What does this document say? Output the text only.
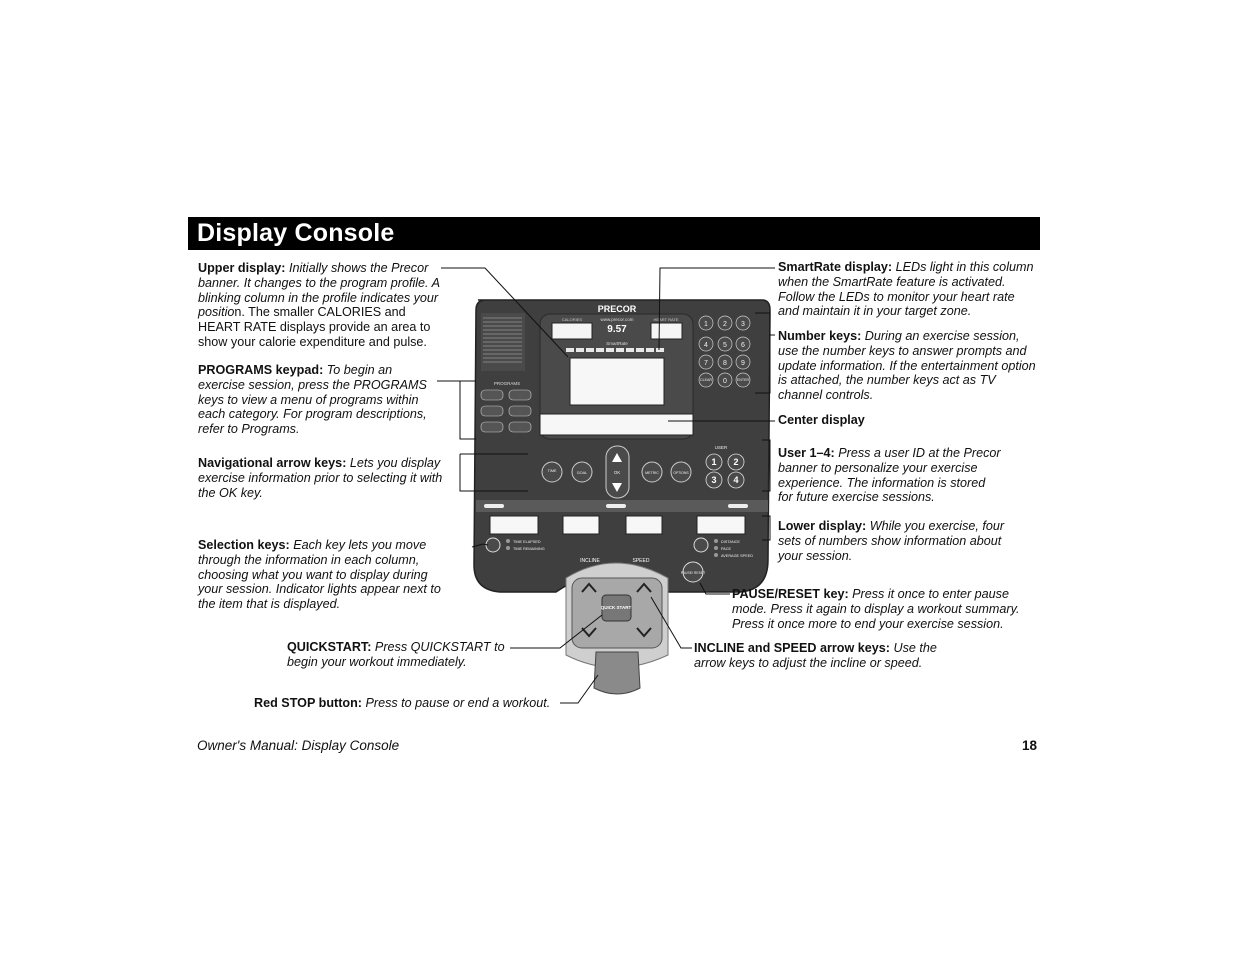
Display Console
PRECOR
www.precor.com
9.57
CALORIES	HEART RATE
SmartRate
PROGRAMS
1 2 3
4 5 6
7 8 9
0
CLEAR	ENTER
USER
1 2
3 4
TIME	GOAL	OK	METRIC	OPTIONS
TIME ELAPSED
TIME REMAINING
DISTANCE
PACE
AVERAGE SPEED
PAUSE/ RESET
INCLINE	SPEED
QUICK START
Upper display: Initially shows the Precor banner. It changes to the program profile. A blinking column in the profile indicates your position. The smaller CALORIES and HEART RATE displays provide an area to show your calorie expenditure and pulse.
PROGRAMS keypad: To begin an exercise session, press the PROGRAMS keys to view a menu of programs within each category. For program descriptions, refer to Programs.
Navigational arrow keys: Lets you display exercise information prior to selecting it with the OK key.
Selection keys: Each key lets you move through the information in each column, choosing what you want to display during your session. Indicator lights appear next to the item that is displayed.
QUICKSTART: Press QUICKSTART to begin your workout immediately.
Red STOP button: Press to pause or end a workout.
SmartRate display: LEDs light in this column when the SmartRate feature is activated. Follow the LEDs to monitor your heart rate and maintain it in your target zone.
Number keys: During an exercise session, use the number keys to answer prompts and update information. If the entertainment option is attached, the number keys act as TV channel controls.
Center display
User 1–4: Press a user ID at the Precor banner to personalize your exercise experience. The information is stored for future exercise sessions.
Lower display: While you exercise, four sets of numbers show information about your session.
PAUSE/RESET key: Press it once to enter pause mode. Press it again to display a workout summary. Press it once more to end your exercise session.
INCLINE and SPEED arrow keys: Use the arrow keys to adjust the incline or speed.
Owner's Manual: Display Console	18
